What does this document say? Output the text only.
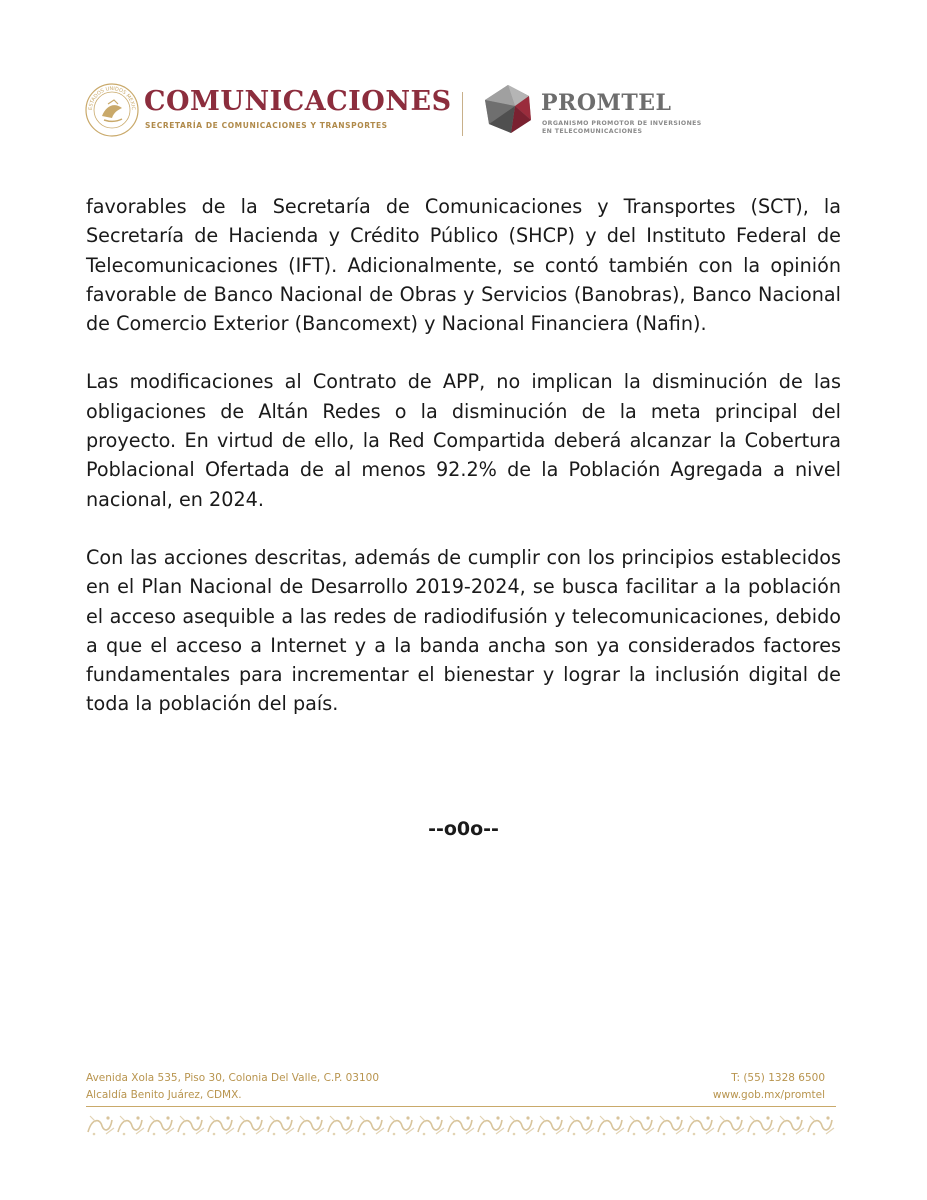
ESTADOS UNIDOS MEXIC COMUNICACIONES
SECRETARÍA DE COMUNICACIONES Y TRANSPORTES
PROMTEL
ORGANISMO PROMOTOR DE INVERSIONES
EN TELECOMUNICACIONES

favorables de la Secretaría de Comunicaciones y Transportes (SCT), la Secretaría de Hacienda y Crédito Público (SHCP) y del Instituto Federal de Telecomunicaciones (IFT). Adicionalmente, se contó también con la opinión favorable de Banco Nacional de Obras y Servicios (Banobras), Banco Nacional de Comercio Exterior (Bancomext) y Nacional Financiera (Nafin).

Las modificaciones al Contrato de APP, no implican la disminución de las obligaciones de Altán Redes o la disminución de la meta principal del proyecto. En virtud de ello, la Red Compartida deberá alcanzar la Cobertura Poblacional Ofertada de al menos 92.2% de la Población Agregada a nivel nacional, en 2024.

Con las acciones descritas, además de cumplir con los principios establecidos en el Plan Nacional de Desarrollo 2019-2024, se busca facilitar a la población el acceso asequible a las redes de radiodifusión y telecomunicaciones, debido a que el acceso a Internet y a la banda ancha son ya considerados factores fundamentales para incrementar el bienestar y lograr la inclusión digital de toda la población del país.

--o0o--
Avenida Xola 535, Piso 30, Colonia Del Valle, C.P. 03100
Alcaldía Benito Juárez, CDMX.
T: (55) 1328 6500
www.gob.mx/promtel
